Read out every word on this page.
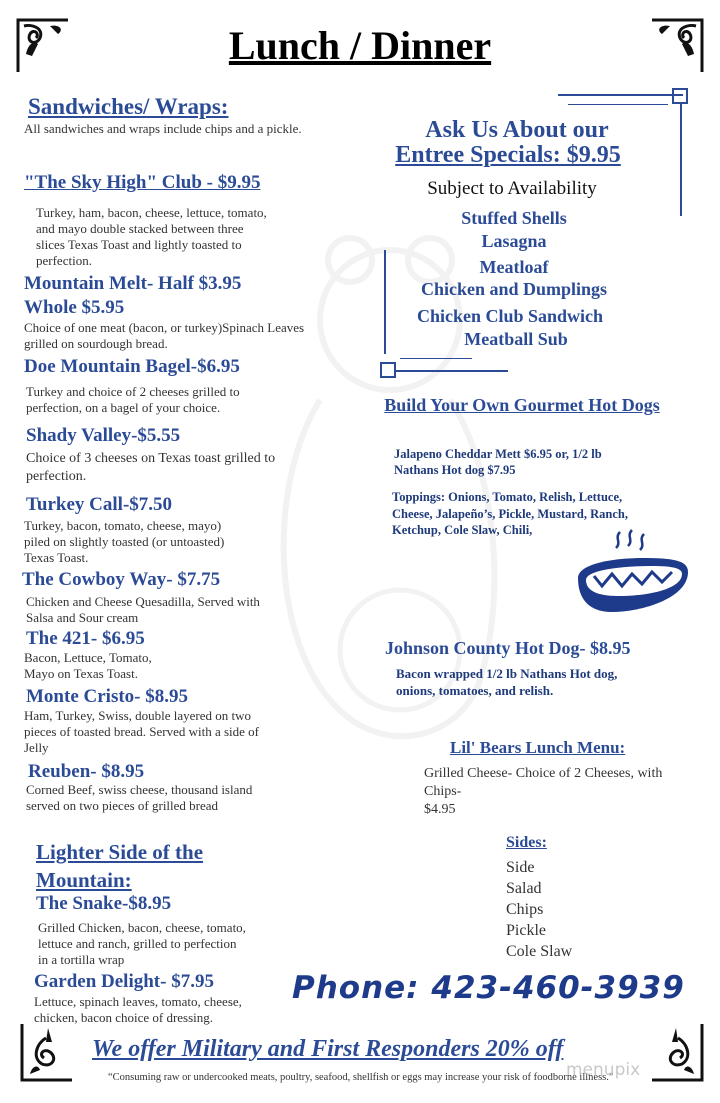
Lunch / Dinner
Sandwiches/ Wraps:
All sandwiches and wraps include chips and a pickle.
"The Sky High" Club - $9.95
Turkey, ham, bacon, cheese, lettuce, tomato, and mayo double stacked between three slices Texas Toast and lightly toasted to perfection.
Mountain Melt- Half $3.95
Whole $5.95
Choice of one meat (bacon, or turkey)Spinach Leaves grilled on sourdough bread.
Doe Mountain Bagel-$6.95
Turkey and choice of 2 cheeses grilled to perfection, on a bagel of your choice.
Shady Valley-$5.55
Choice of 3 cheeses on Texas toast grilled to perfection.
Turkey Call-$7.50
Turkey, bacon, tomato, cheese, mayo) piled on slightly toasted (or untoasted) Texas Toast.
The Cowboy Way- $7.75
Chicken and Cheese Quesadilla, Served with Salsa and Sour cream
The 421- $6.95
Bacon, Lettuce, Tomato, Mayo on Texas Toast.
Monte Cristo- $8.95
Ham, Turkey, Swiss, double layered on two pieces of toasted bread. Served with a side of Jelly
Reuben- $8.95
Corned Beef, swiss cheese, thousand island served on two pieces of grilled bread
Lighter Side of the Mountain:
The Snake-$8.95
Grilled Chicken, bacon, cheese, tomato, lettuce and ranch, grilled to perfection in a tortilla wrap
Garden Delight- $7.95
Lettuce, spinach leaves, tomato, cheese, chicken, bacon choice of dressing.
Ask Us About our
Entree Specials: $9.95
Subject to Availability
Stuffed Shells
Lasagna
Meatloaf
Chicken and Dumplings
Chicken Club Sandwich
Meatball Sub
Build Your Own Gourmet Hot Dogs
Jalapeno Cheddar Mett $6.95 or, 1/2 lb Nathans Hot dog $7.95
Toppings: Onions, Tomato, Relish, Lettuce, Cheese, Jalapeño’s, Pickle, Mustard, Ranch, Ketchup, Cole Slaw, Chili,
Johnson County Hot Dog- $8.95
Bacon wrapped 1/2 lb Nathans Hot dog, onions, tomatoes, and relish.
Lil' Bears Lunch Menu:
Grilled Cheese- Choice of 2 Cheeses, with Chips-
$4.95
Sides:
Side
Salad
Chips
Pickle
Cole Slaw
Phone: 423-460-3939
We offer Military and First Responders 20% off
“Consuming raw or undercooked meats, poultry, seafood, shellfish or eggs may increase your risk of foodborne illness.”
menupix
